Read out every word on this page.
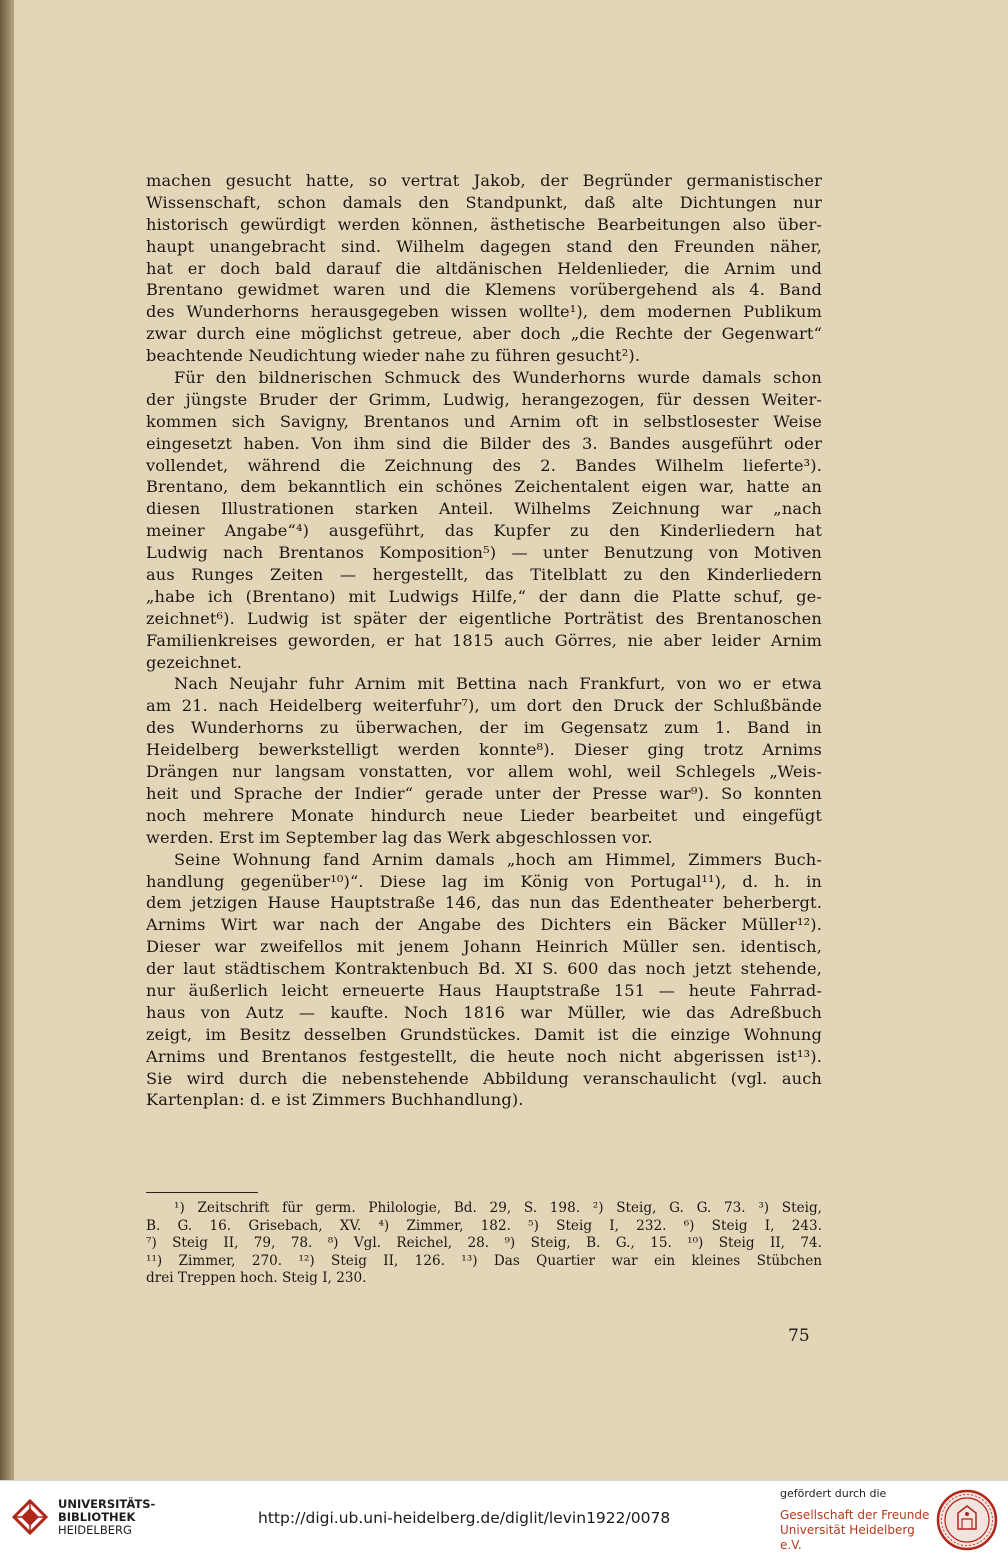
machen gesucht hatte, so vertrat Jakob, der Begründer germanistischer
Wissenschaft, schon damals den Standpunkt, daß alte Dichtungen nur
historisch gewürdigt werden können, ästhetische Bearbeitungen also über-
haupt unangebracht sind. Wilhelm dagegen stand den Freunden näher,
hat er doch bald darauf die altdänischen Heldenlieder, die Arnim und
Brentano gewidmet waren und die Klemens vorübergehend als 4. Band
des Wunderhorns herausgegeben wissen wollte¹), dem modernen Publikum
zwar durch eine möglichst getreue, aber doch „die Rechte der Gegenwart“
beachtende Neudichtung wieder nahe zu führen gesucht²).
Für den bildnerischen Schmuck des Wunderhorns wurde damals schon
der jüngste Bruder der Grimm, Ludwig, herangezogen, für dessen Weiter-
kommen sich Savigny, Brentanos und Arnim oft in selbstlosester Weise
eingesetzt haben. Von ihm sind die Bilder des 3. Bandes ausgeführt oder
vollendet, während die Zeichnung des 2. Bandes Wilhelm lieferte³).
Brentano, dem bekanntlich ein schönes Zeichentalent eigen war, hatte an
diesen Illustrationen starken Anteil. Wilhelms Zeichnung war „nach
meiner Angabe“⁴) ausgeführt, das Kupfer zu den Kinderliedern hat
Ludwig nach Brentanos Komposition⁵) — unter Benutzung von Motiven
aus Runges Zeiten — hergestellt, das Titelblatt zu den Kinderliedern
„habe ich (Brentano) mit Ludwigs Hilfe,“ der dann die Platte schuf, ge-
zeichnet⁶). Ludwig ist später der eigentliche Porträtist des Brentanoschen
Familienkreises geworden, er hat 1815 auch Görres, nie aber leider Arnim
gezeichnet.
Nach Neujahr fuhr Arnim mit Bettina nach Frankfurt, von wo er etwa
am 21. nach Heidelberg weiterfuhr⁷), um dort den Druck der Schlußbände
des Wunderhorns zu überwachen, der im Gegensatz zum 1. Band in
Heidelberg bewerkstelligt werden konnte⁸). Dieser ging trotz Arnims
Drängen nur langsam vonstatten, vor allem wohl, weil Schlegels „Weis-
heit und Sprache der Indier“ gerade unter der Presse war⁹). So konnten
noch mehrere Monate hindurch neue Lieder bearbeitet und eingefügt
werden. Erst im September lag das Werk abgeschlossen vor.
Seine Wohnung fand Arnim damals „hoch am Himmel, Zimmers Buch-
handlung gegenüber¹⁰)“. Diese lag im König von Portugal¹¹), d. h. in
dem jetzigen Hause Hauptstraße 146, das nun das Edentheater beherbergt.
Arnims Wirt war nach der Angabe des Dichters ein Bäcker Müller¹²).
Dieser war zweifellos mit jenem Johann Heinrich Müller sen. identisch,
der laut städtischem Kontraktenbuch Bd. XI S. 600 das noch jetzt stehende,
nur äußerlich leicht erneuerte Haus Hauptstraße 151 — heute Fahrrad-
haus von Autz — kaufte. Noch 1816 war Müller, wie das Adreßbuch
zeigt, im Besitz desselben Grundstückes. Damit ist die einzige Wohnung
Arnims und Brentanos festgestellt, die heute noch nicht abgerissen ist¹³).
Sie wird durch die nebenstehende Abbildung veranschaulicht (vgl. auch
Kartenplan: d. e ist Zimmers Buchhandlung).
¹) Zeitschrift für germ. Philologie, Bd. 29, S. 198. ²) Steig, G. G. 73. ³) Steig,
B. G. 16. Grisebach, XV. ⁴) Zimmer, 182. ⁵) Steig I, 232. ⁶) Steig I, 243.
⁷) Steig II, 79, 78. ⁸) Vgl. Reichel, 28. ⁹) Steig, B. G., 15. ¹⁰) Steig II, 74.
¹¹) Zimmer, 270. ¹²) Steig II, 126. ¹³) Das Quartier war ein kleines Stübchen
drei Treppen hoch. Steig I, 230.
75
UNIVERSITÄTS-
BIBLIOTHEK
HEIDELBERG
http://digi.ub.uni-heidelberg.de/diglit/levin1922/0078
gefördert durch die
Gesellschaft der Freunde
Universität Heidelberg e.V.
